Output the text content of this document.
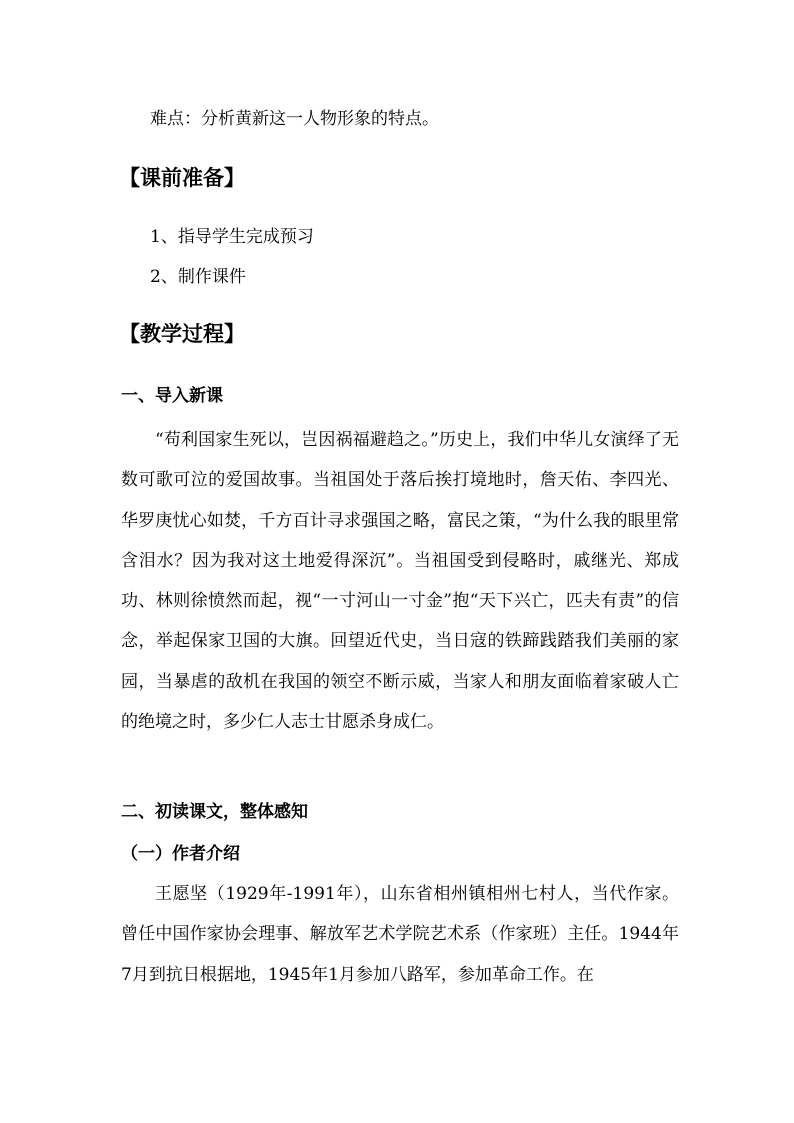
难点：分析黄新这一人物形象的特点。
【课前准备】
1、指导学生完成预习
2、制作课件
【教学过程】
一、导入新课
“苟利国家生死以，岂因祸福避趋之。”历史上，我们中华儿女演绎了无数可歌可泣的爱国故事。当祖国处于落后挨打境地时，詹天佑、李四光、华罗庚忧心如焚，千方百计寻求强国之略，富民之策，“为什么我的眼里常含泪水？因为我对这土地爱得深沉”。当祖国受到侵略时，戚继光、郑成功、林则徐愤然而起，视“一寸河山一寸金”抱“天下兴亡，匹夫有责”的信念，举起保家卫国的大旗。回望近代史，当日寇的铁蹄践踏我们美丽的家园，当暴虐的敌机在我国的领空不断示威，当家人和朋友面临着家破人亡的绝境之时，多少仁人志士甘愿杀身成仁。
二、初读课文，整体感知
（一）作者介绍
王愿坚（1929年-1991年），山东省相州镇相州七村人，当代作家。曾任中国作家协会理事、解放军艺术学院艺术系（作家班）主任。1944年7月到抗日根据地，1945年1月参加八路军，参加革命工作。在
